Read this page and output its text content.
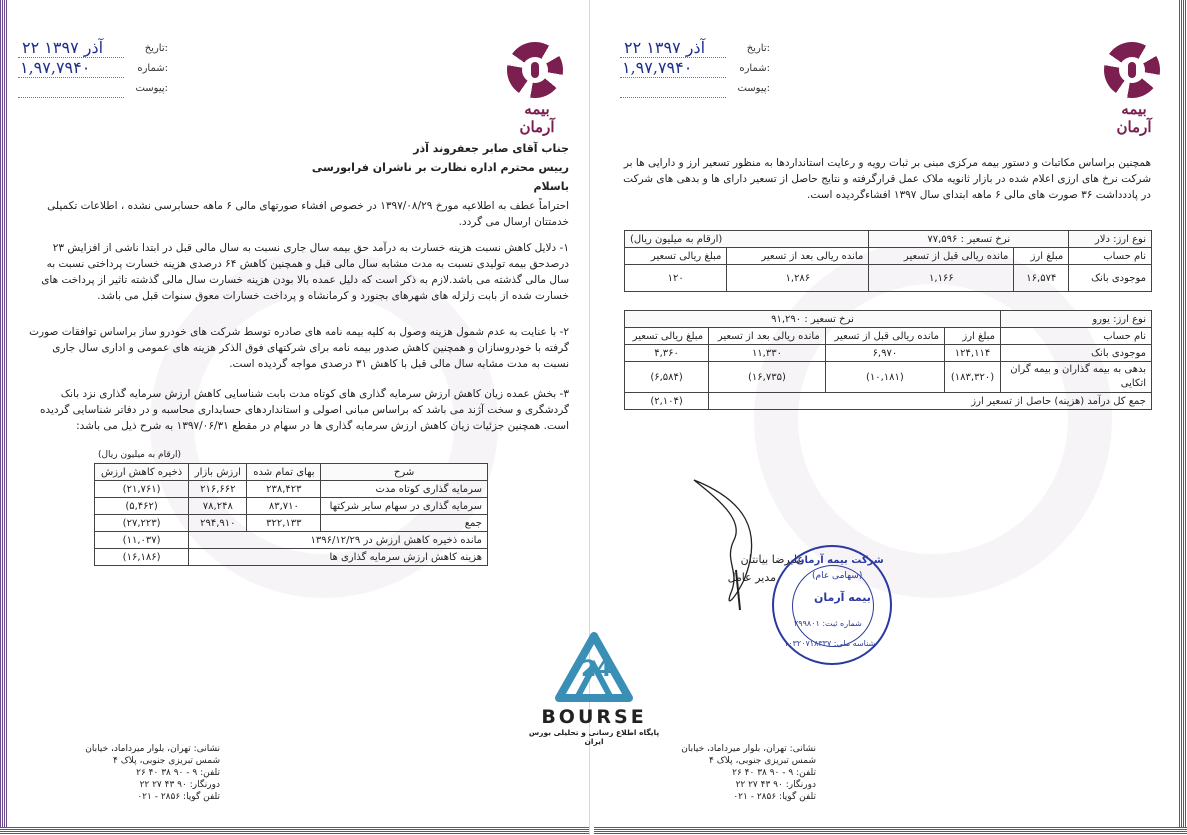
بیمه آرمان
تاریخ:
۲۲ آذر ۱۳۹۷
شماره:
۱,۹۷,۷۹۴۰
پیوست:
جناب آقای صابر جعفروند آذر
رییس محترم اداره نظارت بر ناشران فرابورسی
باسلام
احتراماً عطف به اطلاعیه مورخ ۱۳۹۷/۰۸/۲۹ در خصوص افشاء صورتهای مالی ۶ ماهه حسابرسی نشده ، اطلاعات تکمیلی خدمتتان ارسال می گردد.
۱- دلایل کاهش نسبت هزینه خسارت به درآمد حق بیمه سال جاری نسبت به سال مالی قبل در ابتدا ناشی از افزایش ۲۳ درصدحق بیمه تولیدی نسبت به مدت مشابه سال مالی قبل و همچنین کاهش ۶۴ درصدی هزینه خسارت پرداختی نسبت به سال مالی گذشته می باشد.لازم به ذکر است که دلیل عمده بالا بودن هزینه خسارت سال مالی گذشته تاثیر از پرداخت های خسارت شده از بابت زلزله های شهرهای بجنورد و کرمانشاه و پرداخت خسارات معوق سنوات قبل می باشد.
۲- با عنایت به عدم شمول هزینه وصول به کلیه بیمه نامه های صادره توسط شرکت های خودرو ساز براساس توافقات صورت گرفته با خودروسازان و همچنین کاهش صدور بیمه نامه برای شرکتهای فوق الذکر هزینه های عمومی و اداری سال جاری نسبت به مدت مشابه سال مالی قبل با کاهش ۳۱ درصدی مواجه گردیده است.
۳- بخش عمده زیان کاهش ارزش سرمایه گذاری های کوتاه مدت بابت شناسایی کاهش ارزش سرمایه گذاری نزد بانک گردشگری و سخت آژند می باشد که براساس مبانی اصولی و استانداردهای حسابداری محاسبه و در دفاتر شناسایی گردیده است. همچنین جزئیات زیان کاهش ارزش سرمایه گذاری ها در سهام در مقطع ۱۳۹۷/۰۶/۳۱ به شرح ذیل می باشد:
(ارقام به میلیون ریال)
شرح	بهای تمام شده	ارزش بازار	ذخیره کاهش ارزش
سرمایه گذاری کوتاه مدت	۲۳۸,۴۲۳	۲۱۶,۶۶۲	(۲۱,۷۶۱)
سرمایه گذاری در سهام سایر شرکتها	۸۳,۷۱۰	۷۸,۲۴۸	(۵,۴۶۲)
جمع	۳۲۲,۱۳۳	۲۹۴,۹۱۰	(۲۷,۲۲۳)
مانده ذخیره کاهش ارزش در ۱۳۹۶/۱۲/۲۹			(۱۱,۰۳۷)
هزینه کاهش ارزش سرمایه گذاری ها			(۱۶,۱۸۶)
نشانی: تهران، بلوار میرداماد، خیابان
شمس تبریزی جنوبی، پلاک ۴
تلفن: ۲۶ ۴۰ ۳۸ ۹۰ - ۹
دورنگار: ۲۲ ۲۷ ۴۳ ۹۰
تلفن گویا: ۰۲۱ - ۲۸۵۶
بیمه آرمان
تاریخ:
۲۲ آذر ۱۳۹۷
شماره:
۱,۹۷,۷۹۴۰
پیوست:
همچنین براساس مکاتبات و دستور بیمه مرکزی مبنی بر ثبات رویه و رعایت استانداردها به منظور تسعیر ارز و دارایی ها بر شرکت نرخ های ارزی اعلام شده در بازار ثانویه ملاک عمل قرارگرفته و نتایج حاصل از تسعیر دارای ها و بدهی های شرکت در پاددداشت ۳۶ صورت های مالی ۶ ماهه ابتدای سال ۱۳۹۷ افشاءگردیده است.
نوع ارز: دلار	نرخ تسعیر : ۷۷,۵۹۶		(ارقام به میلیون ریال)	
نام حساب	مبلغ ارز	مانده ریالی قبل از تسعیر	مانده ریالی بعد از تسعیر	مبلغ ریالی تسعیر
موجودی بانک	۱۶,۵۷۴	۱,۱۶۶	۱,۲۸۶	۱۲۰
نوع ارز: یورو	نرخ تسعیر : ۹۱,۲۹۰			
نام حساب	مبلغ ارز	مانده ریالی قبل از تسعیر	مانده ریالی بعد از تسعیر	مبلغ ریالی تسعیر
موجودی بانک	۱۲۴,۱۱۴	۶,۹۷۰	۱۱,۳۳۰	۴,۳۶۰
بدهی به بیمه گذاران و بیمه گران اتکایی	(۱۸۳,۳۲۰)	(۱۰,۱۸۱)	(۱۶,۷۳۵)	(۶,۵۸۴)
جمع کل درآمد (هزینه) حاصل از تسعیر ارز				(۲,۱۰۴)
علیرضا بیانتان
مدیر عامل
شرکت بیمه آرمان
(سهامی عام)
بیمه آرمان
شماره ثبت: ۲۹۹۸۰۱
شناسه ملی: ۱۰۳۲۰۷۱۸۳۳۷
نشانی: تهران، بلوار میرداماد، خیابان
شمس تبریزی جنوبی، پلاک ۴
تلفن: ۲۶ ۴۰ ۳۸ ۹۰ - ۹
دورنگار: ۲۲ ۲۷ ۴۳ ۹۰
تلفن گویا: ۰۲۱ - ۲۸۵۶
24
BOURSE
پایگاه اطلاع رسانی و تحلیلی بورس ایران
